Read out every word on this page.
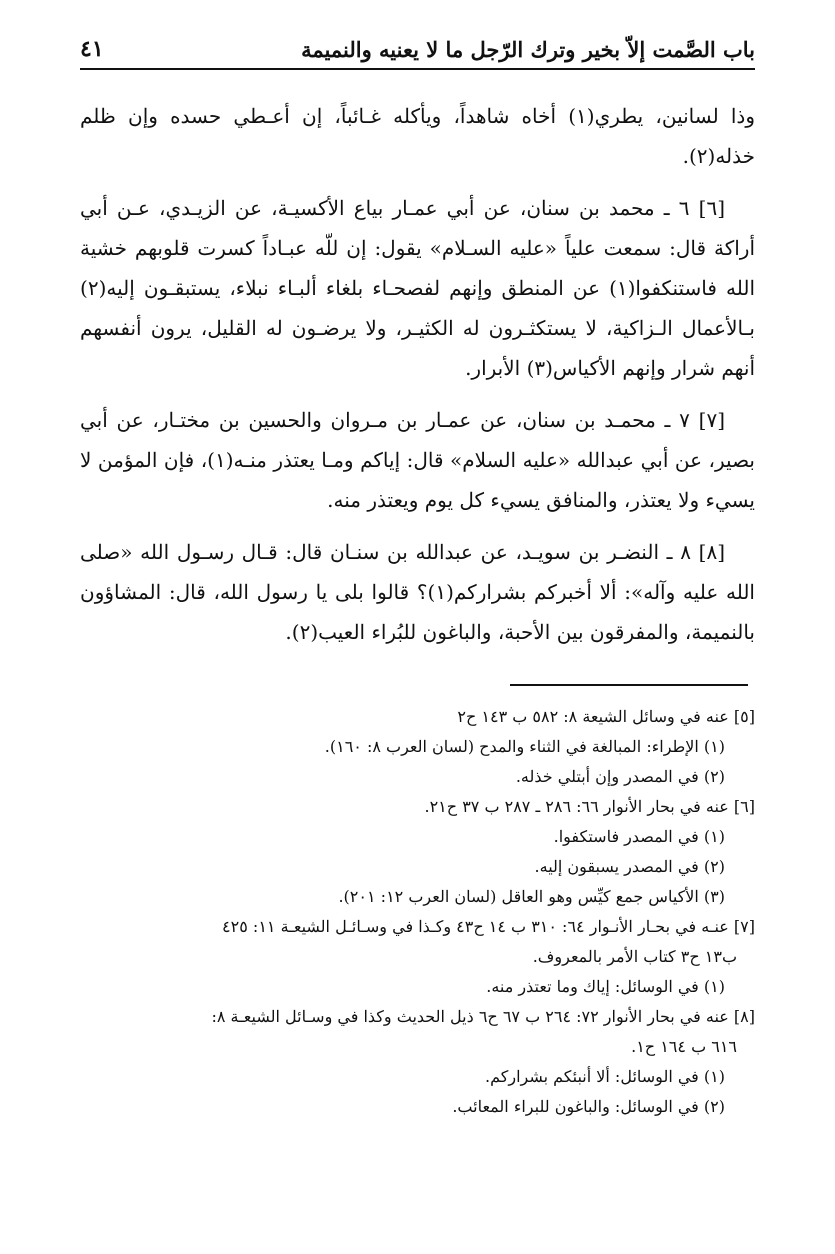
باب الصَّمت إلاّ بخير وترك الرّجل ما لا يعنيه والنميمة
٤١

وذا لسانين، يطري(١) أخاه شاهداً، ويأكله غـائباً، إن أعـطي حسده وإن ظلم خذله(٢).

[٦] ٦ ـ محمد بن سنان، عن أبي عمـار بياع الأكسيـة، عن الزيـدي، عـن أبي أراكة قال: سمعت علياً «عليه السـلام» يقول: إن للّه عبـاداً كسرت قلوبهم خشية الله فاستنكفوا(١) عن المنطق وإنهم لفصحـاء بلغاء ألبـاء نبلاء، يستبقـون إليه(٢) بـالأعمال الـزاكية، لا يستكثـرون له الكثيـر، ولا يرضـون له القليل، يرون أنفسهم أنهم شرار وإنهم الأكياس(٣) الأبرار.

[٧] ٧ ـ محمـد بن سنان، عن عمـار بن مـروان والحسين بن مختـار، عن أبي بصير، عن أبي عبدالله «عليه السلام» قال: إياكم ومـا يعتذر منـه(١)، فإن المؤمن لا يسيء ولا يعتذر، والمنافق يسيء كل يوم ويعتذر منه.

[٨] ٨ ـ النضـر بن سويـد، عن عبدالله بن سنـان قال: قـال رسـول الله «صلى الله عليه وآله»: ألا أخبركم بشراركم(١)؟ قالوا بلى يا رسول الله، قال: المشاؤون بالنميمة، والمفرقون بين الأحبة، والباغون للبُراء العيب(٢).

[٥] عنه في وسائل الشيعة ٨: ٥٨٢ ب ١٤٣ ح٢

(١) الإطراء: المبالغة في الثناء والمدح (لسان العرب ٨: ١٦٠).

(٢) في المصدر وإن أبتلي خذله.

[٦] عنه في بحار الأنوار ٦٦: ٢٨٦ ـ ٢٨٧ ب ٣٧ ح٢١.

(١) في المصدر فاستكفوا.

(٢) في المصدر يسبقون إليه.

(٣) الأكياس جمع كيِّس وهو العاقل (لسان العرب ١٢: ٢٠١).

[٧] عنـه في بحـار الأنـوار ٦٤: ٣١٠ ب ١٤ ح٤٣ وكـذا في وسـائـل الشيعـة ١١: ٤٢٥

ب١٣ ح٣ كتاب الأمر بالمعروف.

(١) في الوسائل: إياك وما تعتذر منه.

[٨] عنه في بحار الأنوار ٧٢: ٢٦٤ ب ٦٧ ح٦ ذيل الحديث وكذا في وسـائل الشيعـة ٨:

٦١٦ ب ١٦٤ ح١.

(١) في الوسائل: ألا أنبئكم بشراركم.

(٢) في الوسائل: والباغون للبراء المعائب.
